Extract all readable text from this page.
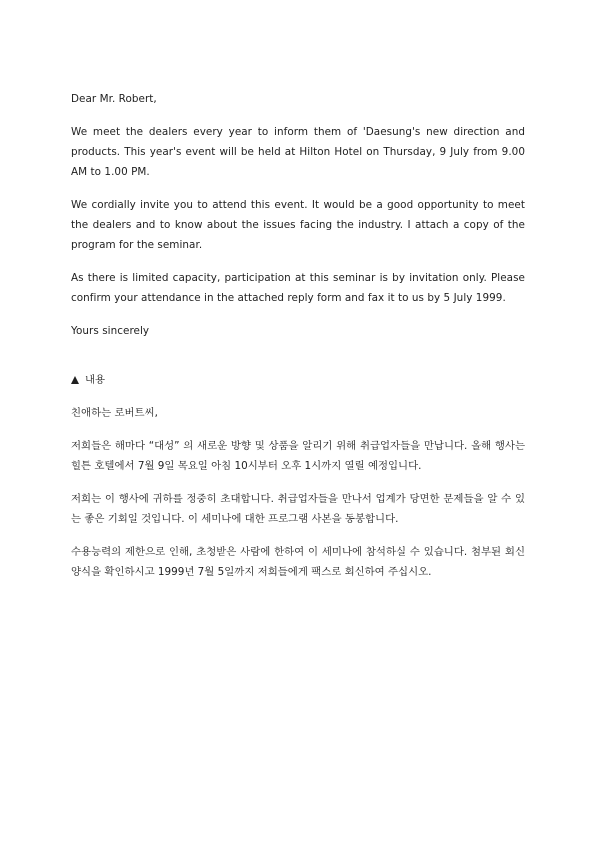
Dear Mr. Robert,

We meet the dealers every year to inform them of 'Daesung's new direction and products. This year's event will be held at Hilton Hotel on Thursday, 9 July from 9.00 AM to 1.00 PM.

We cordially invite you to attend this event. It would be a good opportunity to meet the dealers and to know about the issues facing the industry. I attach a copy of the program for the seminar.

As there is limited capacity, participation at this seminar is by invitation only. Please confirm your attendance in the attached reply form and fax it to us by 5 July 1999.

Yours sincerely

내용

친애하는 로버트씨,

저희들은 해마다 “대성” 의 새로운 방향 및 상품을 알리기 위해 취급업자들을 만납니다. 올해 행사는 힐튼 호텔에서 7월 9일 목요일 아침 10시부터 오후 1시까지 열릴 예정입니다.

저희는 이 행사에 귀하를 정중히 초대합니다. 취급업자들을 만나서 업계가 당면한 문제들을 알 수 있는 좋은 기회일 것입니다. 이 세미나에 대한 프로그램 사본을 동봉합니다.

수용능력의 제한으로 인해, 초청받은 사람에 한하여 이 세미나에 참석하실 수 있습니다. 첨부된 회신 양식을 확인하시고 1999년 7월 5일까지 저희들에게 팩스로 회신하여 주십시오.
